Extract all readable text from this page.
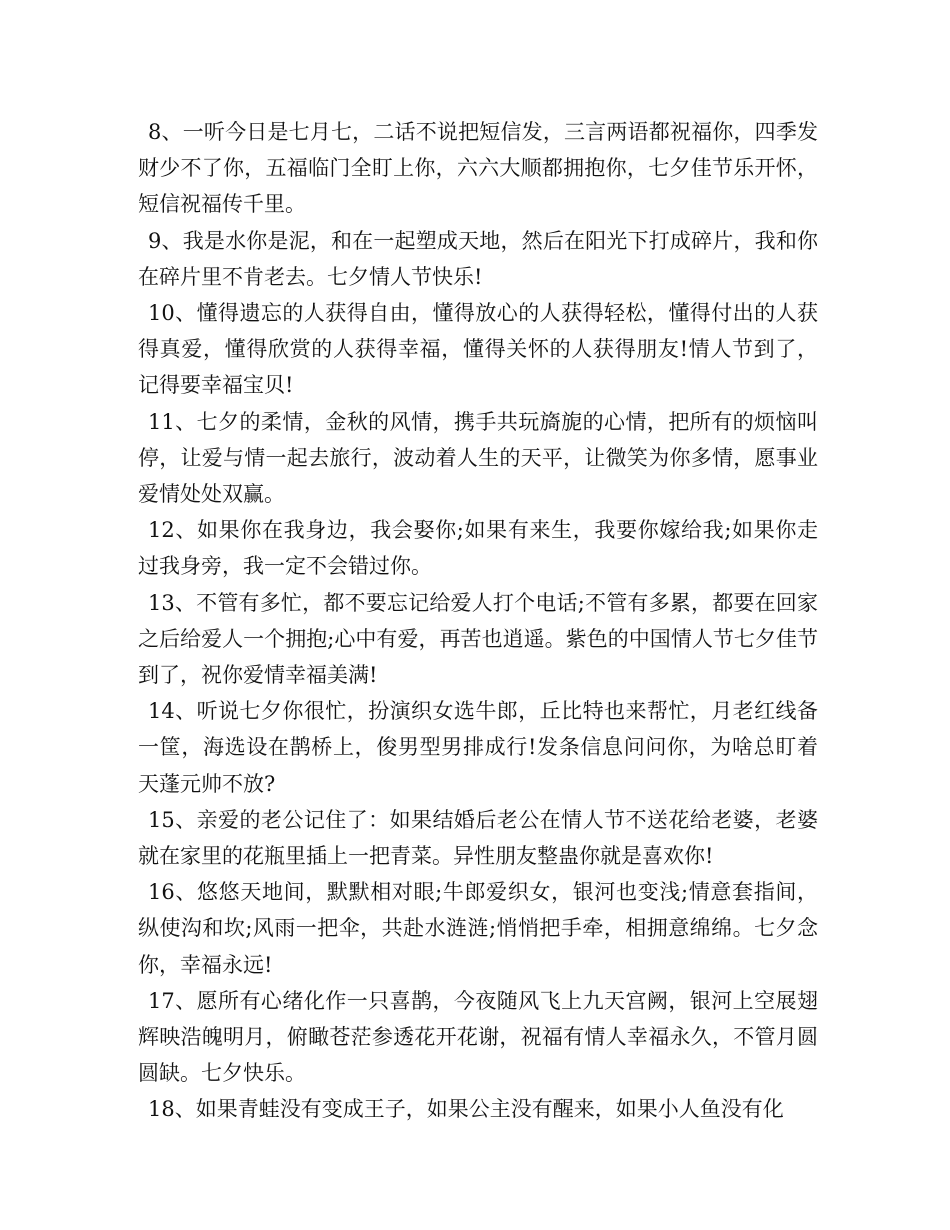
8、一听今日是七月七，二话不说把短信发，三言两语都祝福你，四季发财少不了你，五福临门全盯上你，六六大顺都拥抱你，七夕佳节乐开怀，短信祝福传千里。

9、我是水你是泥，和在一起塑成天地，然后在阳光下打成碎片，我和你在碎片里不肯老去。七夕情人节快乐!

10、懂得遗忘的人获得自由，懂得放心的人获得轻松，懂得付出的人获得真爱，懂得欣赏的人获得幸福，懂得关怀的人获得朋友!情人节到了，记得要幸福宝贝!

11、七夕的柔情，金秋的风情，携手共玩旖旎的心情，把所有的烦恼叫停，让爱与情一起去旅行，波动着人生的天平，让微笑为你多情，愿事业爱情处处双赢。

12、如果你在我身边，我会娶你;如果有来生，我要你嫁给我;如果你走过我身旁，我一定不会错过你。

13、不管有多忙，都不要忘记给爱人打个电话;不管有多累，都要在回家之后给爱人一个拥抱;心中有爱，再苦也逍遥。紫色的中国情人节七夕佳节到了，祝你爱情幸福美满!

14、听说七夕你很忙，扮演织女选牛郎，丘比特也来帮忙，月老红线备一筐，海选设在鹊桥上，俊男型男排成行!发条信息问问你，为啥总盯着天蓬元帅不放?

15、亲爱的老公记住了：如果结婚后老公在情人节不送花给老婆，老婆就在家里的花瓶里插上一把青菜。异性朋友整蛊你就是喜欢你!

16、悠悠天地间，默默相对眼;牛郎爱织女，银河也变浅;情意套指间，纵使沟和坎;风雨一把伞，共赴水涟涟;悄悄把手牵，相拥意绵绵。七夕念你，幸福永远!

17、愿所有心绪化作一只喜鹊，今夜随风飞上九天宫阙，银河上空展翅辉映浩魄明月，俯瞰苍茫参透花开花谢，祝福有情人幸福永久，不管月圆圆缺。七夕快乐。

18、如果青蛙没有变成王子，如果公主没有醒来，如果小人鱼没有化
